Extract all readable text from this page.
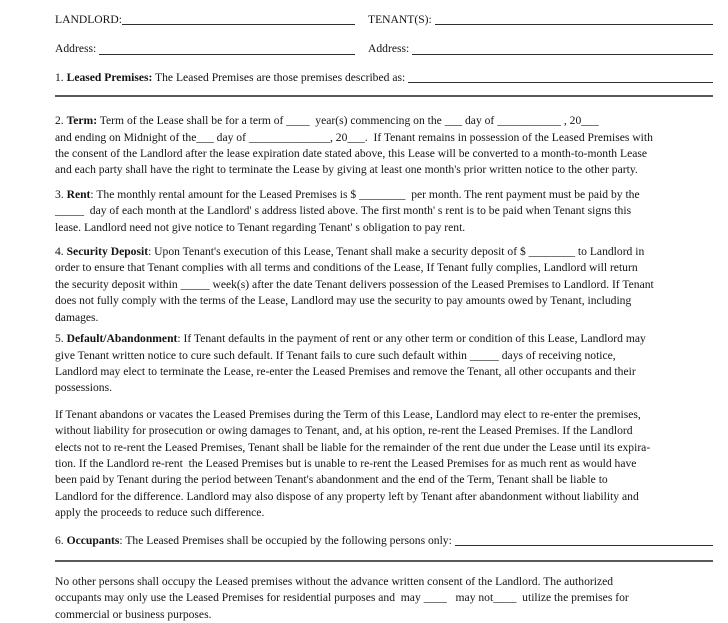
LANDLORD:	TENANT(S):
Address:	Address:
1. Leased Premises: The Leased Premises are those premises described as:
2. Term: Term of the Lease shall be for a term of ____  year(s) commencing on the ___ day of ___________ , 20___
and ending on Midnight of the___ day of ______________, 20___.  If Tenant remains in possession of the Leased Premises with
the consent of the Landlord after the lease expiration date stated above, this Lease will be converted to a month-to-month Lease
and each party shall have the right to terminate the Lease by giving at least one month's prior written notice to the other party.
3. Rent : The monthly rental amount for the Leased Premises is $ ________  per month. The rent payment must be paid by the
_____  day of each month at the Landlord' s address listed above. The first month' s rent is to be paid when Tenant signs this
lease. Landlord need not give notice to Tenant regarding Tenant' s obligation to pay rent.
4. Security Deposit : Upon Tenant's execution of this Lease, Tenant shall make a security deposit of $ ________ to Landlord in
order to ensure that Tenant complies with all terms and conditions of the Lease, If Tenant fully complies, Landlord will return
the security deposit within _____ week(s) after the date Tenant delivers possession of the Leased Premises to Landlord. If Tenant
does not fully comply with the terms of the Lease, Landlord may use the security to pay amounts owed by Tenant, including
damages.
5. Default/Abandonment : If Tenant defaults in the payment of rent or any other term or condition of this Lease, Landlord may
give Tenant written notice to cure such default. If Tenant fails to cure such default within _____ days of receiving notice,
Landlord may elect to terminate the Lease, re-enter the Leased Premises and remove the Tenant, all other occupants and their
possessions.
If Tenant abandons or vacates the Leased Premises during the Term of this Lease, Landlord may elect to re-enter the premises,
without liability for prosecution or owing damages to Tenant, and, at his option, re-rent the Leased Premises. If the Landlord
elects not to re-rent the Leased Premises, Tenant shall be liable for the remainder of the rent due under the Lease until its expira-
tion. If the Landlord re-rent  the Leased Premises but is unable to re-rent the Leased Premises for as much rent as would have
been paid by Tenant during the period between Tenant's abandonment and the end of the Term, Tenant shall be liable to
Landlord for the difference. Landlord may also dispose of any property left by Tenant after abandonment without liability and
apply the proceeds to reduce such difference.
6. Occupants : The Leased Premises shall be occupied by the following persons only:
No other persons shall occupy the Leased premises without the advance written consent of the Landlord. The authorized
occupants may only use the Leased Premises for residential purposes and  may ____   may not____  utilize the premises for
commercial or business purposes.
